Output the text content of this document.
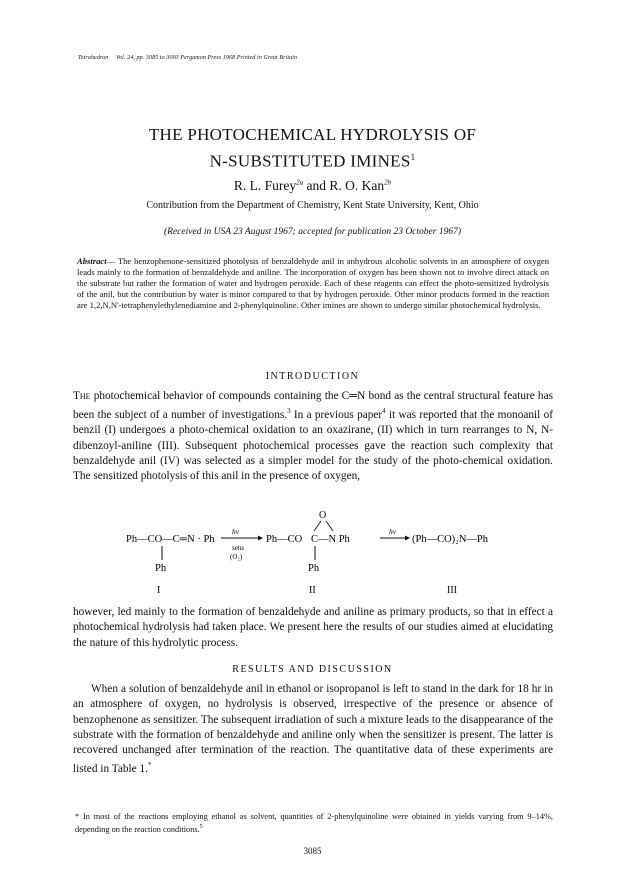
Tetrahedron Vol. 24, pp. 3085 to 3093 Pergamon Press 1968 Printed in Great Britain
THE PHOTOCHEMICAL HYDROLYSIS OF
N-SUBSTITUTED IMINES$^1$
R. L. Furey$^{2a}$ and R. O. Kan$^{2b}$
Contribution from the Department of Chemistry, Kent State University, Kent, Ohio
(Received in USA 23 August 1967; accepted for publication 23 October 1967)
Abstract— The benzophenone-sensitized photolysis of benzaldehyde anil in anhydrous alcoholic solvents in an atmosphere of oxygen leads mainly to the formation of benzaldehyde and aniline. The incorporation of oxygen has been shown not to involve direct attack on the substrate but rather the formation of water and hydrogen peroxide. Each of these reagents can effect the photo-sensitized hydrolysis of the anil, but the contribution by water is minor compared to that by hydrogen peroxide. Other minor products formed in the reaction are 1,2,N,N'-tetraphenylethylenediamine and 2-phenylquinoline. Other imines are shown to undergo similar photochemical hydrolysis.
INTRODUCTION

The photochemical behavior of compounds containing the C═N bond as the central structural feature has been the subject of a number of investigations.$^3$ In a previous paper$^4$ it was reported that the monoanil of benzil (I) undergoes a photo-chemical oxidation to an oxazirane, (II) which in turn rearranges to N, N-dibenzoyl-aniline (III). Subsequent photochemical processes gave the reaction such complexity that benzaldehyde anil (IV) was selected as a simpler model for the study of the photo-chemical oxidation. The sensitized photolysis of this anil in the presence of oxygen,

Ph—CO—C═N · Ph
Ph
hν
sens
(O₂)
Ph—CO
O
C—N Ph
Ph
hν
(Ph—CO)₂N—Ph
I	II	III

however, led mainly to the formation of benzaldehyde and aniline as primary products, so that in effect a photochemical hydrolysis had taken place. We present here the results of our studies aimed at elucidating the nature of this hydrolytic process.

RESULTS AND DISCUSSION

When a solution of benzaldehyde anil in ethanol or isopropanol is left to stand in the dark for 18 hr in an atmosphere of oxygen, no hydrolysis is observed, irrespective of the presence or absence of benzophenone as sensitizer. The subsequent irradiation of such a mixture leads to the disappearance of the substrate with the formation of benzaldehyde and aniline only when the sensitizer is present. The latter is recovered unchanged after termination of the reaction. The quantitative data of these experiments are listed in Table 1.*

* In most of the reactions employing ethanol as solvent, quantities of 2-phenylquinoline were obtained in yields varying from 9–14%, depending on the reaction conditions.$^5$
3085
